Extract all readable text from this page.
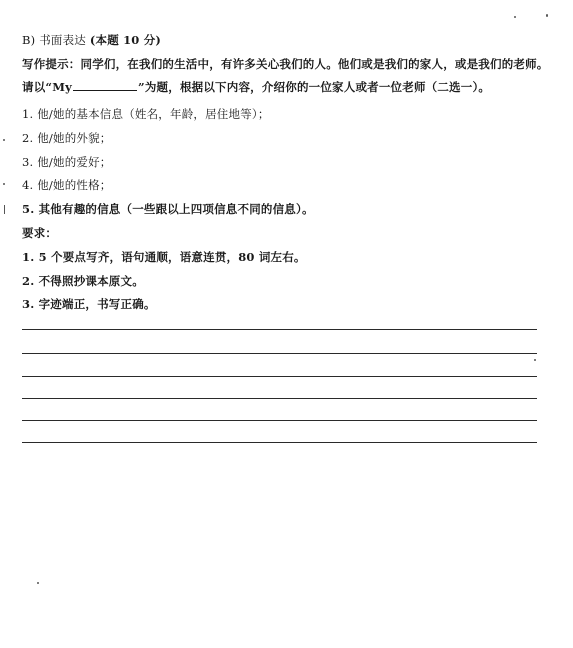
B) 书面表达 (本题 10 分)
写作提示：同学们，在我们的生活中，有许多关心我们的人。他们或是我们的家人，或是我们的老师。
请以“My	”为题，根据以下内容，介绍你的一位家人或者一位老师（二选一）。
1. 他/她的基本信息（姓名，年龄，居住地等）；
2. 他/她的外貌；
3. 他/她的爱好；
4. 他/她的性格；
5. 其他有趣的信息（一些跟以上四项信息不同的信息）。
要求：
1. 5 个要点写齐，语句通顺，语意连贯，80 词左右。
2. 不得照抄课本原文。
3. 字迹端正，书写正确。
